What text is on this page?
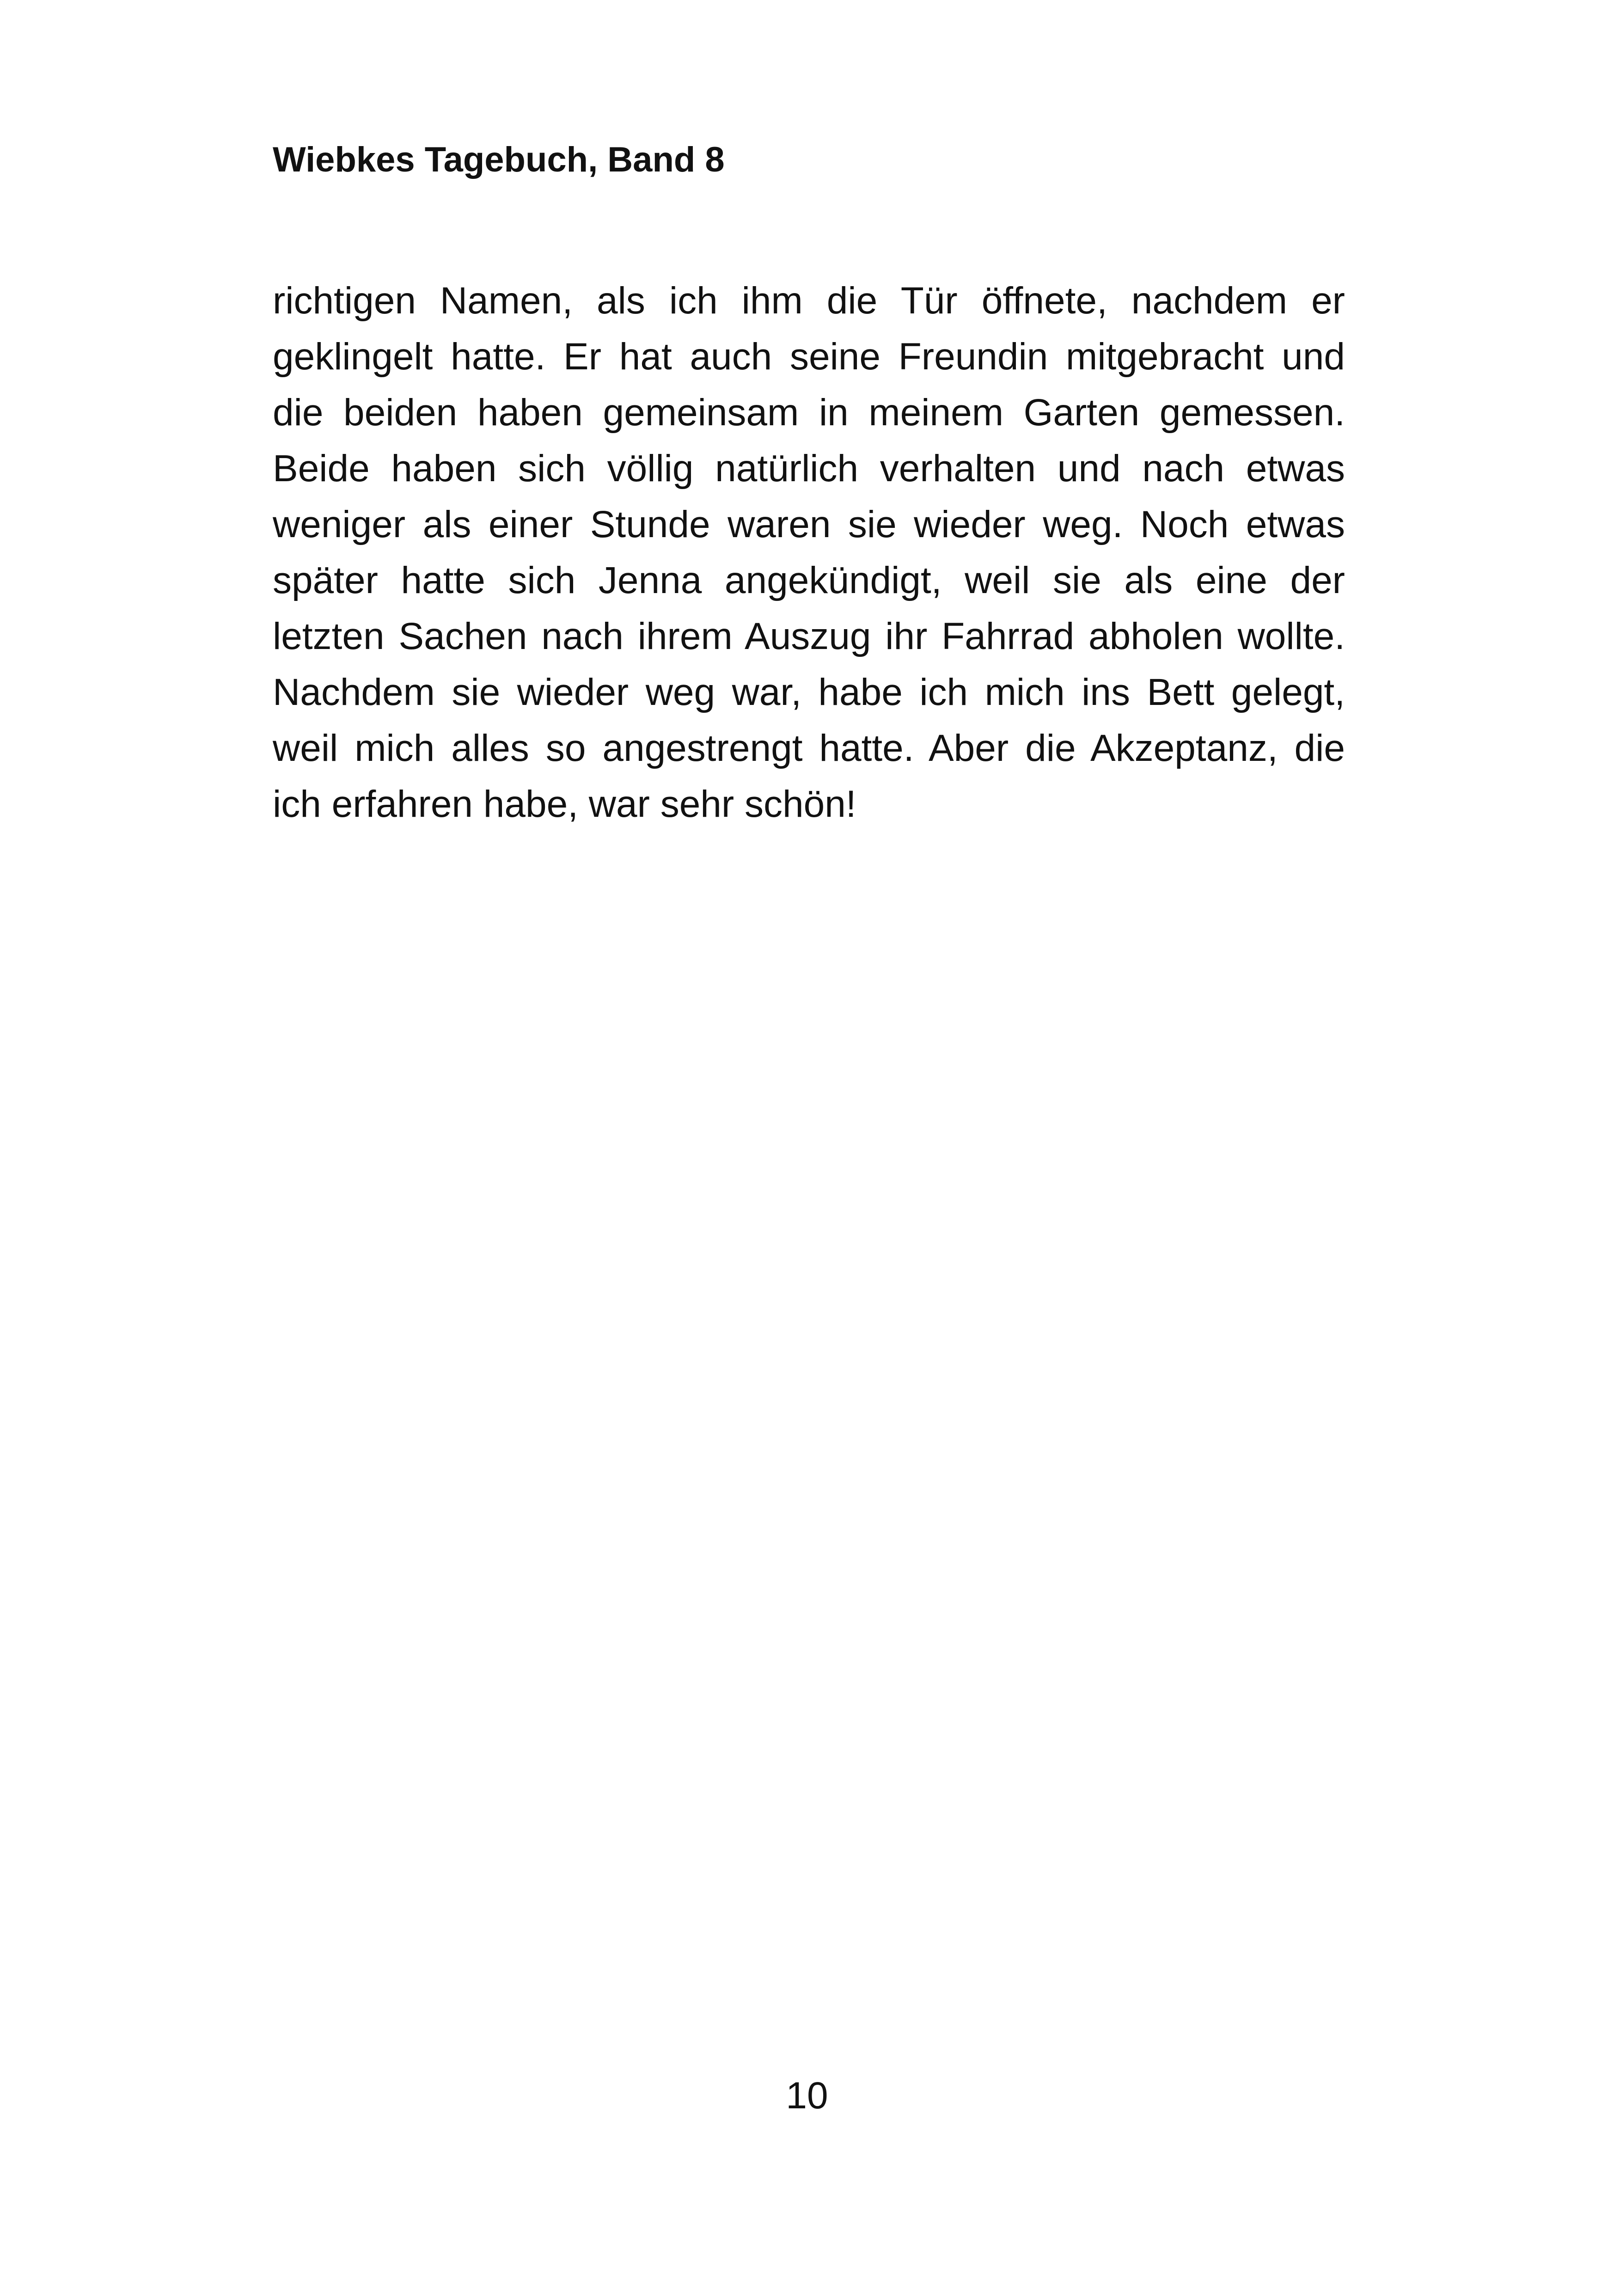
Wiebkes Tagebuch, Band 8
richtigen Namen, als ich ihm die Tür öffnete, nachdem er
geklingelt hatte. Er hat auch seine Freundin mitgebracht und
die beiden haben gemeinsam in meinem Garten gemessen.
Beide haben sich völlig natürlich verhalten und nach etwas
weniger als einer Stunde waren sie wieder weg. Noch etwas
später hatte sich Jenna angekündigt, weil sie als eine der
letzten Sachen nach ihrem Auszug ihr Fahrrad abholen wollte.
Nachdem sie wieder weg war, habe ich mich ins Bett gelegt,
weil mich alles so angestrengt hatte. Aber die Akzeptanz, die
ich erfahren habe, war sehr schön!
10
